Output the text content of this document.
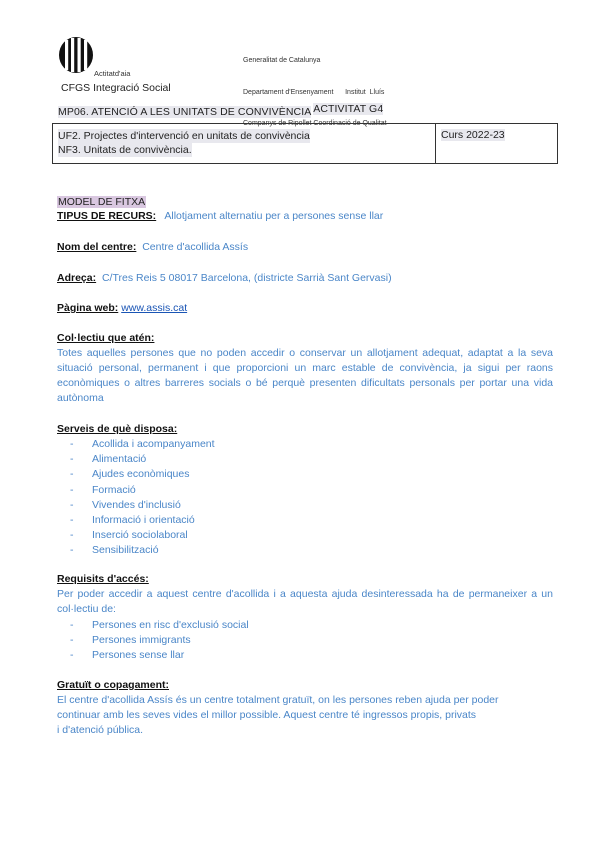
Actitatd'aia
CFGS Integració Social

Generalitat de Catalunya

Departament d'Ensenyament      Institut  Lluís

Companys de Ripollet Coordinació de Qualitat

MP06. ATENCIÓ A LES UNITATS DE CONVIVÈNCIA ACTIVITAT G4
UF2. Projectes d'intervenció en unitats de convivència
NF3. Unitats de convivència.
Curs 2022-23
MODEL DE FITXA
TIPUS DE RECURS: Allotjament alternatiu per a persones sense llar
Nom del centre: Centre d'acollida Assís
Adreça: C/Tres Reis 5 08017 Barcelona, (districte Sarrià Sant Gervasi)
Pàgina web: www.assis.cat
Col·lectiu que atén:
Totes aquelles persones que no poden accedir o conservar un allotjament adequat, adaptat a la seva situació personal, permanent i que proporcioni un marc estable de convivència, ja sigui per raons econòmiques o altres barreres socials o bé perquè presenten dificultats personals per portar una vida autònoma
Serveis de què disposa:
- Acollida i acompanyament
- Alimentació
- Ajudes econòmiques
- Formació
- Vivendes d'inclusió
- Informació i orientació
- Inserció sociolaboral
- Sensibilització
Requisits d'accés:
Per poder accedir a aquest centre d'acollida i a aquesta ajuda desinteressada ha de permaneixer a un col·lectiu de:
- Persones en risc d'exclusió social
- Persones immigrants
- Persones sense llar
Gratuït o copagament:
El centre d'acollida Assís és un centre totalment gratuït, on les persones reben ajuda per poder
continuar amb les seves vides el millor possible. Aquest centre té ingressos propis, privats
i d'atenció pública.
